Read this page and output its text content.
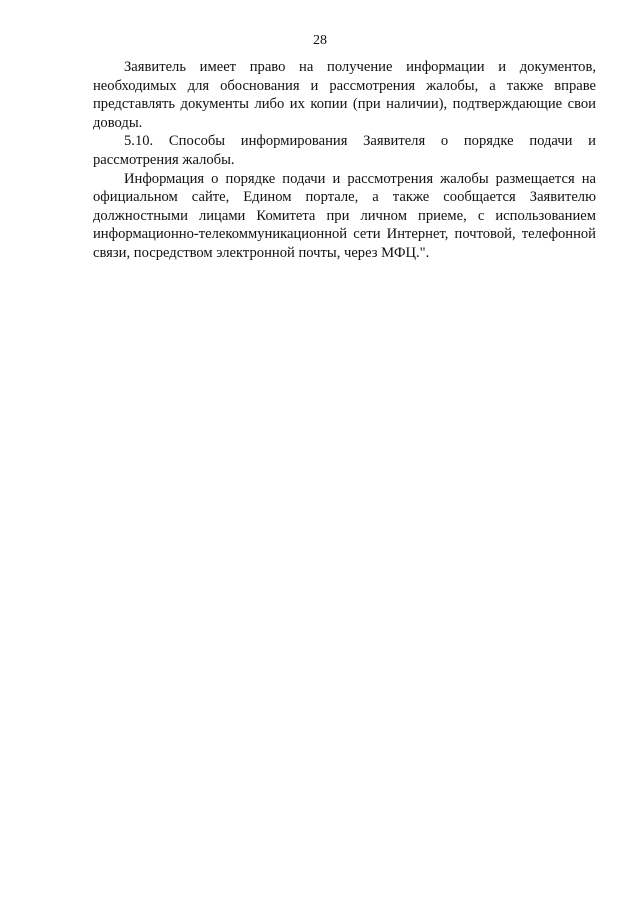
28

Заявитель имеет право на получение информации и документов, необходимых для обоснования и рассмотрения жалобы, а также вправе представлять документы либо их копии (при наличии), подтверждающие свои доводы.

5.10. Способы информирования Заявителя о порядке подачи и рассмотрения жалобы.

Информация о порядке подачи и рассмотрения жалобы размещается на официальном сайте, Едином портале, а также сообщается Заявителю должностными лицами Комитета при личном приеме, с использованием информационно-телекоммуникационной сети Интернет, почтовой, телефонной связи, посредством электронной почты, через МФЦ.".
